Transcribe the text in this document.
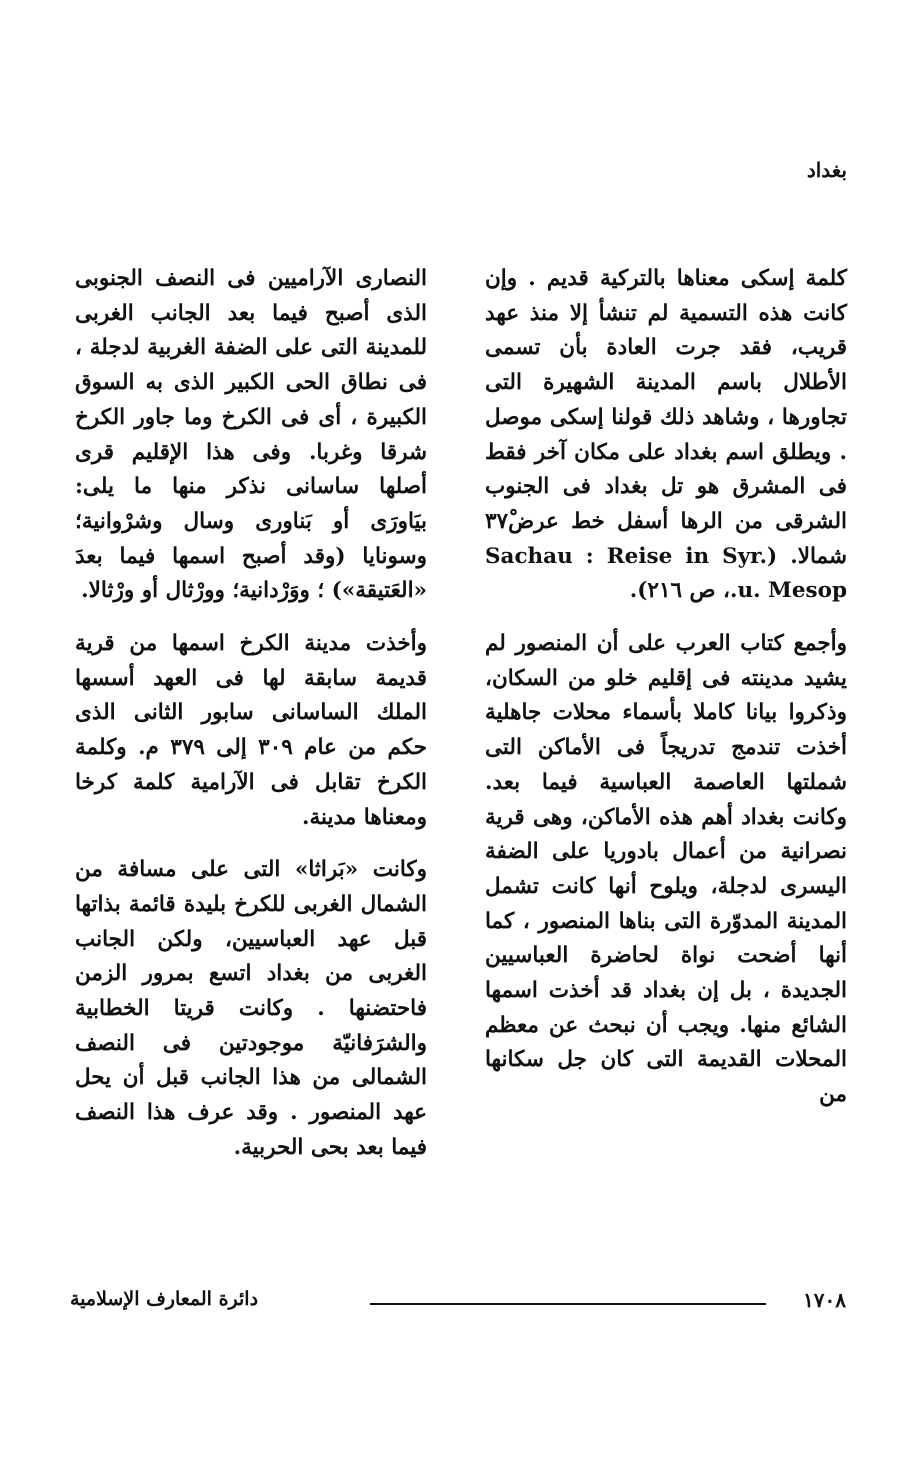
بغداد

كلمة إسكى معناها بالتركية قديم . وإن كانت هذه التسمية لم تنشأ إلا منذ عهد قريب، فقد جرت العادة بأن تسمى الأطلال باسم المدينة الشهيرة التى تجاورها ، وشاهد ذلك قولنا إسكى موصل . ويطلق اسم بغداد على مكان آخر فقط فى المشرق هو تل بغداد فى الجنوب الشرقى من الرها أسفل خط عرض٣٧ْ شمالا. (Sachau : Reise in Syr. u. Mesop.، ص ٢١٦).

وأجمع كتاب العرب على أن المنصور لم يشيد مدينته فى إقليم خلو من السكان، وذكروا بيانا كاملا بأسماء محلات جاهلية أخذت تندمج تدريجاً فى الأماكن التى شملتها العاصمة العباسية فيما بعد. وكانت بغداد أهم هذه الأماكن، وهى قرية نصرانية من أعمال بادوريا على الضفة اليسرى لدجلة، ويلوح أنها كانت تشمل المدينة المدوّرة التى بناها المنصور ، كما أنها أضحت نواة لحاضرة العباسيين الجديدة ، بل إن بغداد قد أخذت اسمها الشائع منها. ويجب أن نبحث عن معظم المحلات القديمة التى كان جل سكانها من

النصارى الآراميين فى النصف الجنوبى الذى أصبح فيما بعد الجانب الغربى للمدينة التى على الضفة الغربية لدجلة ، فى نطاق الحى الكبير الذى به السوق الكبيرة ، أى فى الكرخ وما جاور الكرخ شرقا وغربا. وفى هذا الإقليم قرى أصلها ساسانى نذكر منها ما يلى: بيَاورَى أو بَناورى وسال وشرْوانية؛ وسونايا (وقد أصبح اسمها فيما بعدَ «العَتيقة») ؛ ووَرْدانية؛ وورْثال أو ورْثالا.

وأخذت مدينة الكرخ اسمها من قرية قديمة سابقة لها فى العهد أسسها الملك الساسانى سابور الثانى الذى حكم من عام ٣٠٩ إلى ٣٧٩ م. وكلمة الكرخ تقابل فى الآرامية كلمة كرخا ومعناها مدينة.

وكانت «بَراثا» التى على مسافة من الشمال الغربى للكرخ بليدة قائمة بذاتها قبل عهد العباسيين، ولكن الجانب الغربى من بغداد اتسع بمرور الزمن فاحتضنها . وكانت قريتا الخطابية والشرَفانيّة موجودتين فى النصف الشمالى من هذا الجانب قبل أن يحل عهد المنصور . وقد عرف هذا النصف فيما بعد بحى الحربية.

١٧٠٨
دائرة المعارف الإسلامية
